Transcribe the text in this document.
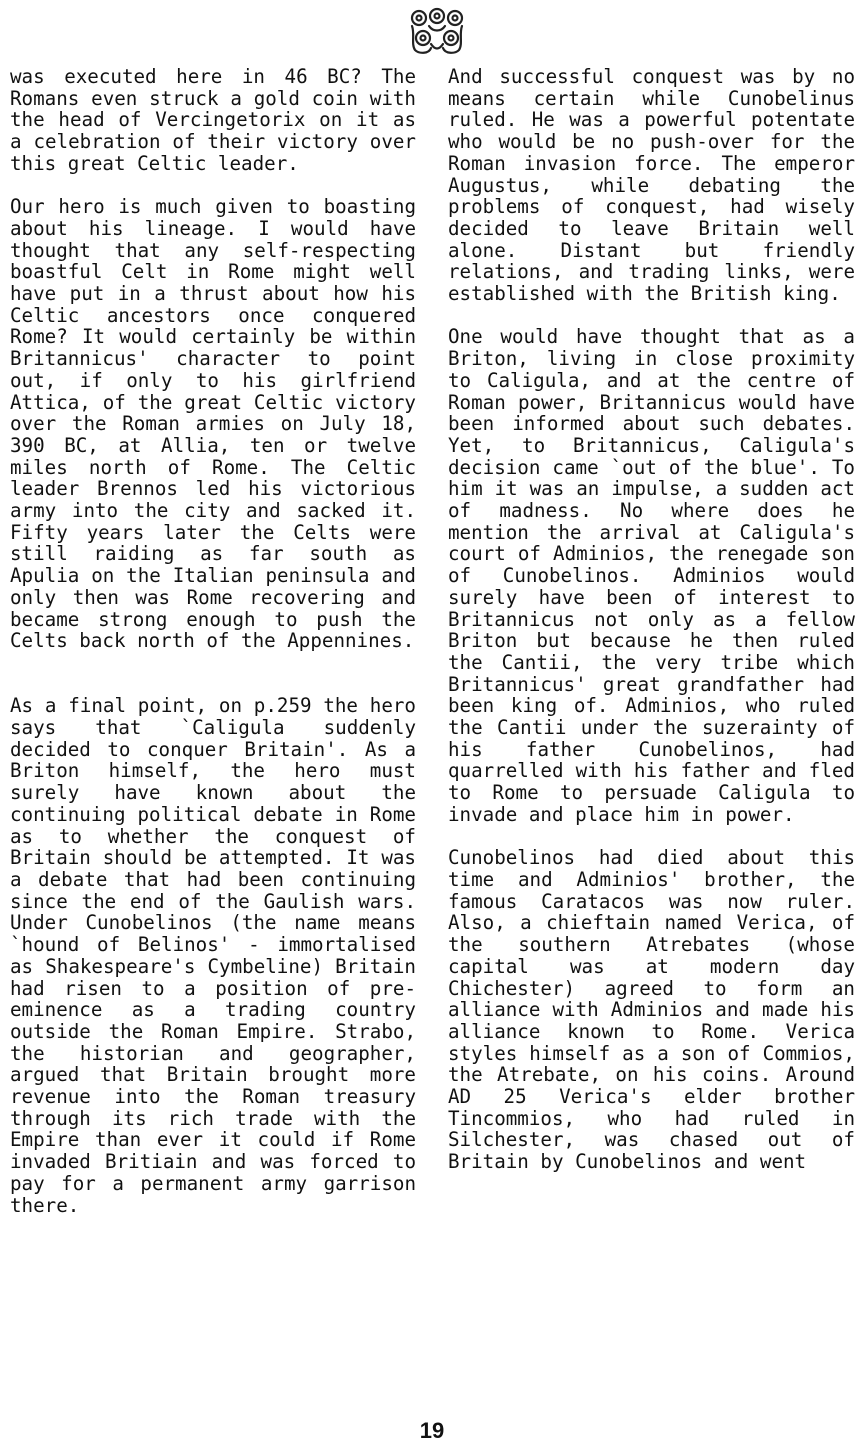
was executed here in 46 BC? The Romans even struck a gold coin with the head of Vercingetorix on it as a celebration of their victory over this great Celtic leader.

Our hero is much given to boasting about his lineage. I would have thought that any self-respecting boastful Celt in Rome might well have put in a thrust about how his Celtic ancestors once conquered Rome? It would certainly be within Britannicus' character to point out, if only to his girlfriend Attica, of the great Celtic victory over the Roman armies on July 18, 390 BC, at Allia, ten or twelve miles north of Rome. The Celtic leader Brennos led his victorious army into the city and sacked it. Fifty years later the Celts were still raiding as far south as Apulia on the Italian peninsula and only then was Rome recovering and became strong enough to push the Celts back north of the Appennines.

As a final point, on p.259 the hero says that `Caligula suddenly decided to conquer Britain'. As a Briton himself, the hero must surely have known about the continuing political debate in Rome as to whether the conquest of Britain should be attempted. It was a debate that had been continuing since the end of the Gaulish wars. Under Cunobelinos (the name means `hound of Belinos' - immortalised as Shakespeare's Cymbeline) Britain had risen to a position of pre-eminence as a trading country outside the Roman Empire. Strabo, the historian and geographer, argued that Britain brought more revenue into the Roman treasury through its rich trade with the Empire than ever it could if Rome invaded Britiain and was forced to pay for a permanent army garrison there.

And successful conquest was by no means certain while Cunobelinus ruled. He was a powerful potentate who would be no push-over for the Roman invasion force. The emperor Augustus, while debating the problems of conquest, had wisely decided to leave Britain well alone. Distant but friendly relations, and trading links, were established with the British king.

One would have thought that as a Briton, living in close proximity to Caligula, and at the centre of Roman power, Britannicus would have been informed about such debates. Yet, to Britannicus, Caligula's decision came `out of the blue'. To him it was an impulse, a sudden act of madness. No where does he mention the arrival at Caligula's court of Adminios, the renegade son of Cunobelinos. Adminios would surely have been of interest to Britannicus not only as a fellow Briton but because he then ruled the Cantii, the very tribe which Britannicus' great grandfather had been king of. Adminios, who ruled the Cantii under the suzerainty of his father Cunobelinos, had quarrelled with his father and fled to Rome to persuade Caligula to invade and place him in power.

Cunobelinos had died about this time and Adminios' brother, the famous Caratacos was now ruler. Also, a chieftain named Verica, of the southern Atrebates (whose capital was at modern day Chichester) agreed to form an alliance with Adminios and made his alliance known to Rome. Verica styles himself as a son of Commios, the Atrebate, on his coins. Around AD 25 Verica's elder brother Tincommios, who had ruled in Silchester, was chased out of Britain by Cunobelinos and went

19
